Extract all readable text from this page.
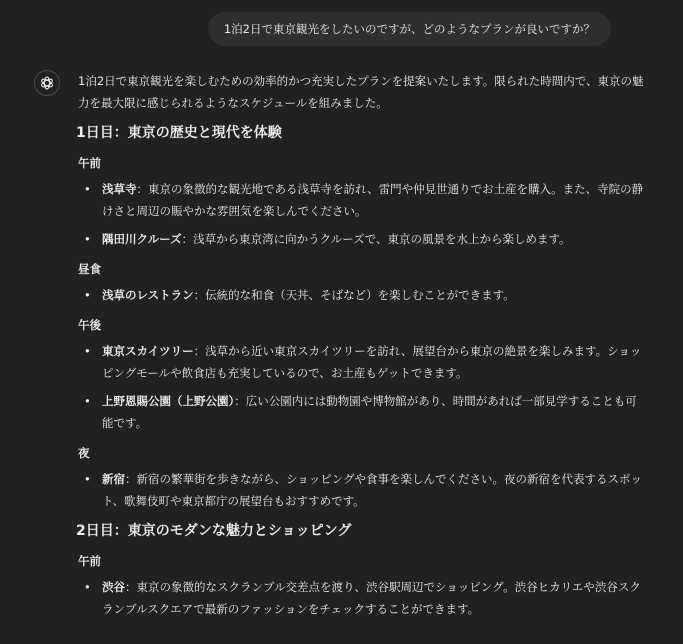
1泊2日で東京観光をしたいのですが、どのようなプランが良いですか？

1泊2日で東京観光を楽しむための効率的かつ充実したプランを提案いたします。限られた時間内で、東京の魅力を最大限に感じられるようなスケジュールを組みました。

1日目：東京の歴史と現代を体験
午前
• 浅草寺：東京の象徴的な観光地である浅草寺を訪れ、雷門や仲見世通りでお土産を購入。また、寺院の静けさと周辺の賑やかな雰囲気を楽しんでください。
• 隅田川クルーズ：浅草から東京湾に向かうクルーズで、東京の風景を水上から楽しめます。
昼食
• 浅草のレストラン：伝統的な和食（天丼、そばなど）を楽しむことができます。
午後
• 東京スカイツリー：浅草から近い東京スカイツリーを訪れ、展望台から東京の絶景を楽しみます。ショッピングモールや飲食店も充実しているので、お土産もゲットできます。
• 上野恩賜公園（上野公園）：広い公園内には動物園や博物館があり、時間があれば一部見学することも可能です。
夜
• 新宿：新宿の繁華街を歩きながら、ショッピングや食事を楽しんでください。夜の新宿を代表するスポット、歌舞伎町や東京都庁の展望台もおすすめです。
2日目：東京のモダンな魅力とショッピング
午前
• 渋谷：東京の象徴的なスクランブル交差点を渡り、渋谷駅周辺でショッピング。渋谷ヒカリエや渋谷スクランブルスクエアで最新のファッションをチェックすることができます。
